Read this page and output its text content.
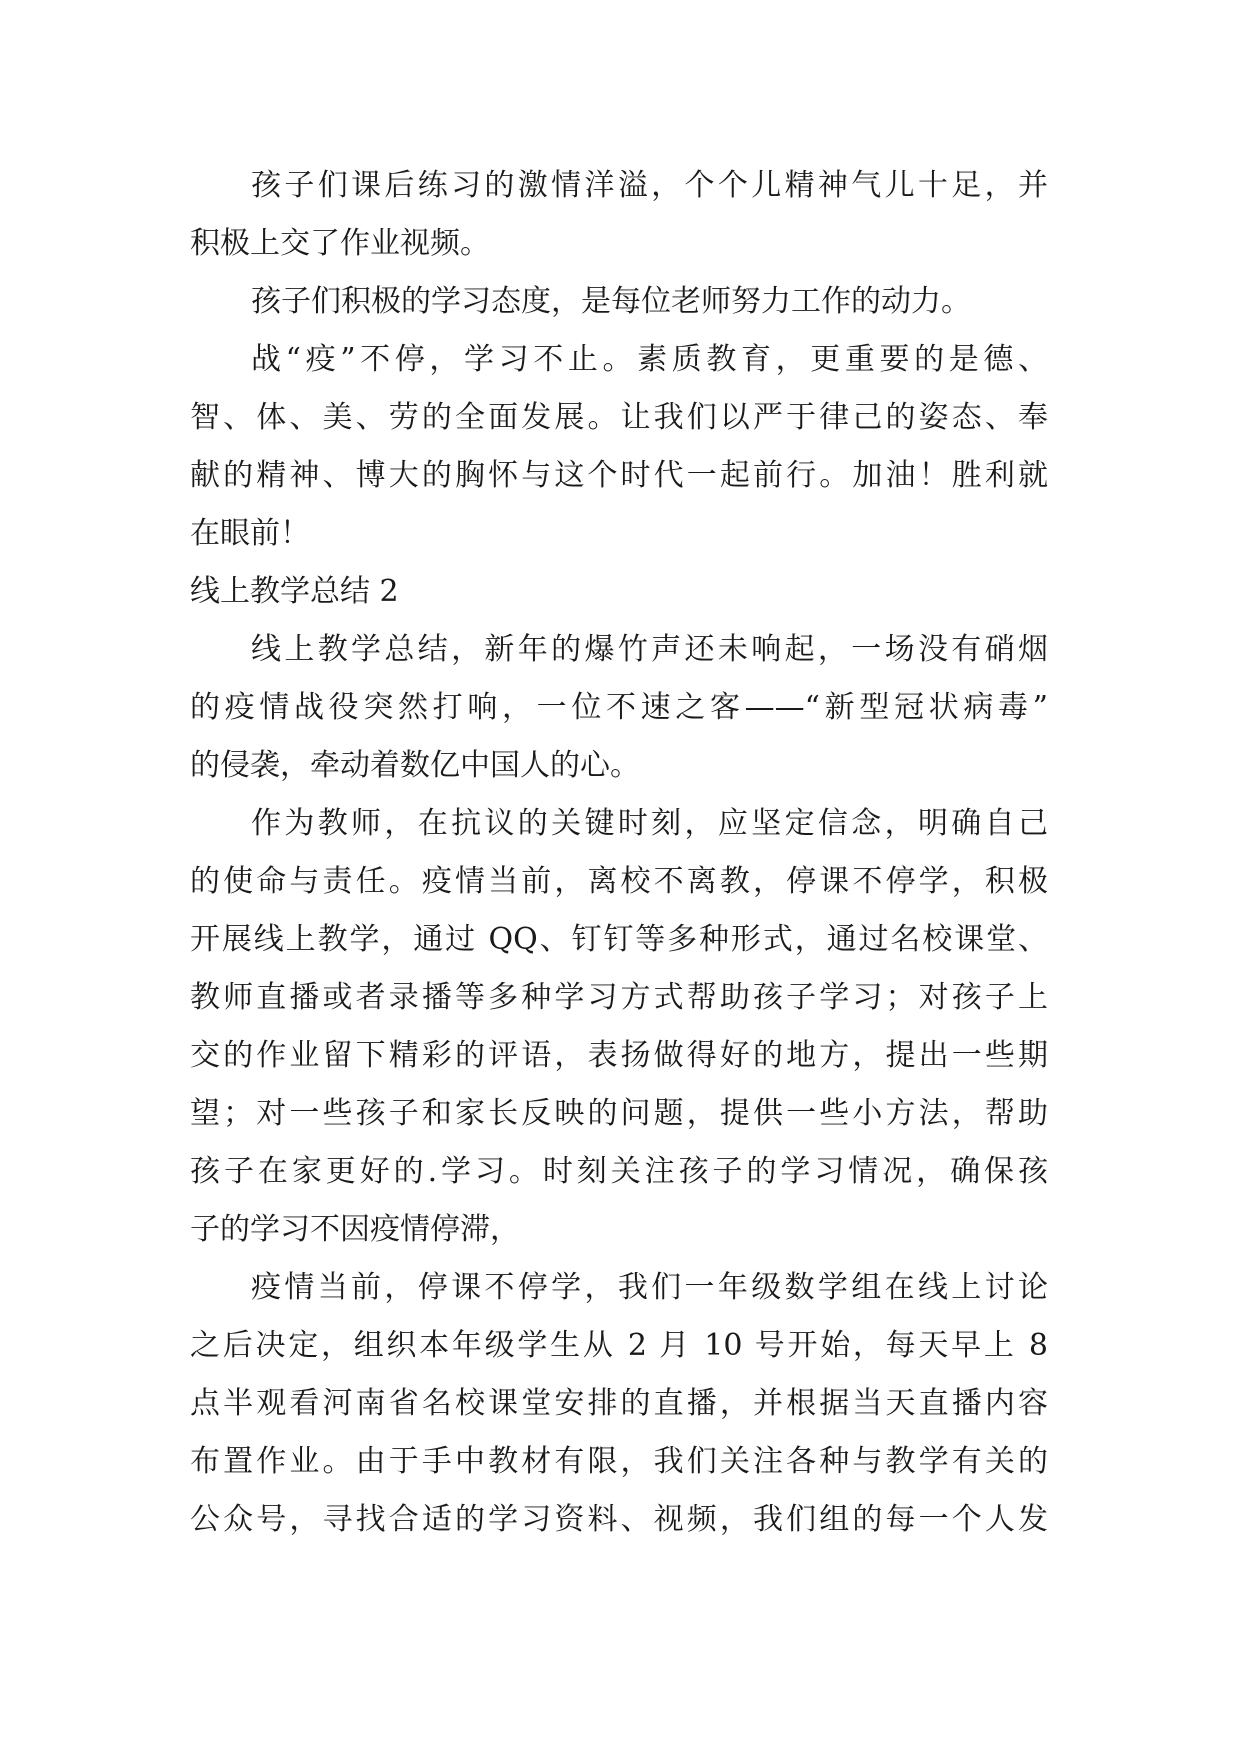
孩子们课后练习的激情洋溢，个个儿精神气儿十足，并
积极上交了作业视频。
孩子们积极的学习态度，是每位老师努力工作的动力。
战“疫”不停，学习不止。素质教育，更重要的是德、
智、体、美、劳的全面发展。让我们以严于律己的姿态、奉
献的精神、博大的胸怀与这个时代一起前行。加油！胜利就
在眼前！
线上教学总结 2
线上教学总结，新年的爆竹声还未响起，一场没有硝烟
的疫情战役突然打响，一位不速之客——“新型冠状病毒”
的侵袭，牵动着数亿中国人的心。
作为教师，在抗议的关键时刻，应坚定信念，明确自己
的使命与责任。疫情当前，离校不离教，停课不停学，积极
开展线上教学，通过 QQ、钉钉等多种形式，通过名校课堂、
教师直播或者录播等多种学习方式帮助孩子学习；对孩子上
交的作业留下精彩的评语，表扬做得好的地方，提出一些期
望；对一些孩子和家长反映的问题，提供一些小方法，帮助
孩子在家更好的.学习。时刻关注孩子的学习情况，确保孩
子的学习不因疫情停滞，
疫情当前，停课不停学，我们一年级数学组在线上讨论
之后决定，组织本年级学生从 2 月 10 号开始，每天早上 8
点半观看河南省名校课堂安排的直播，并根据当天直播内容
布置作业。由于手中教材有限，我们关注各种与教学有关的
公众号，寻找合适的学习资料、视频，我们组的每一个人发
